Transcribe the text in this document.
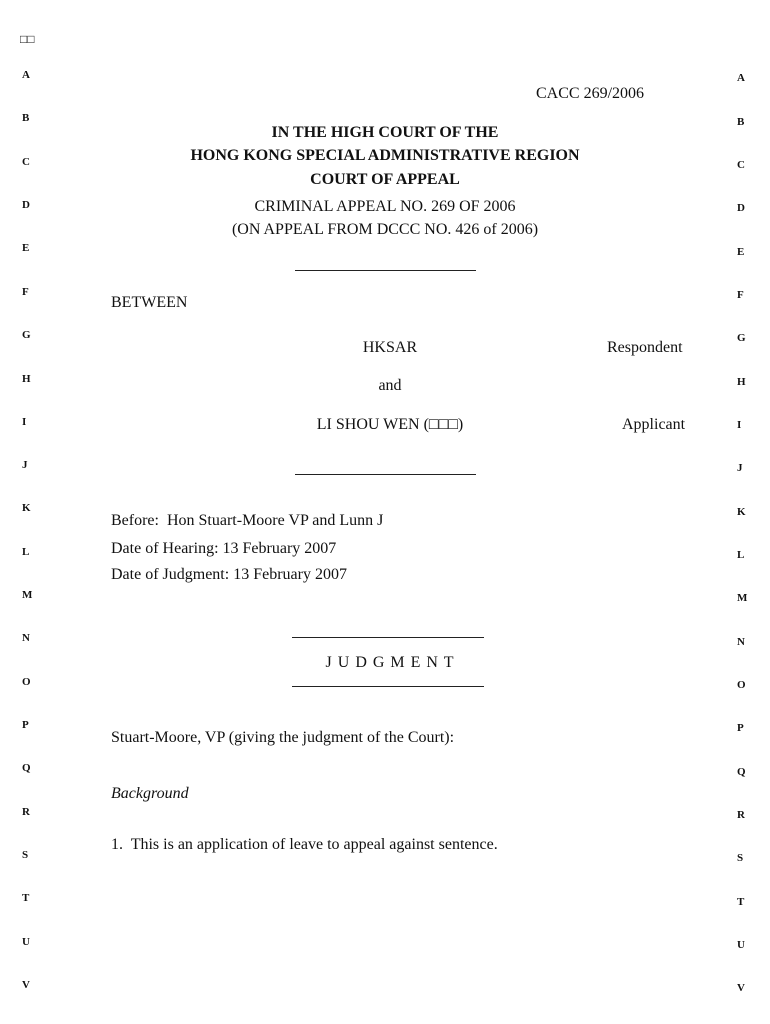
□□
A
B
C
D
E
F
G
H
I
J
K
L
M
N
O
P
Q
R
S
T
U
V
A
B
C
D
E
F
G
H
I
J
K
L
M
N
O
P
Q
R
S
T
U
V
CACC 269/2006
IN THE HIGH COURT OF THE
HONG KONG SPECIAL ADMINISTRATIVE REGION
COURT OF APPEAL
CRIMINAL APPEAL NO. 269 OF 2006
(ON APPEAL FROM DCCC NO. 426 of 2006)
BETWEEN
HKSAR	Respondent
and
LI SHOU WEN (□□□)	Applicant
Before:  Hon Stuart-Moore VP and Lunn J
Date of Hearing: 13 February 2007
Date of Judgment: 13 February 2007
J U D G M E N T
Stuart-Moore, VP (giving the judgment of the Court):
Background
1.  This is an application of leave to appeal against sentence.
